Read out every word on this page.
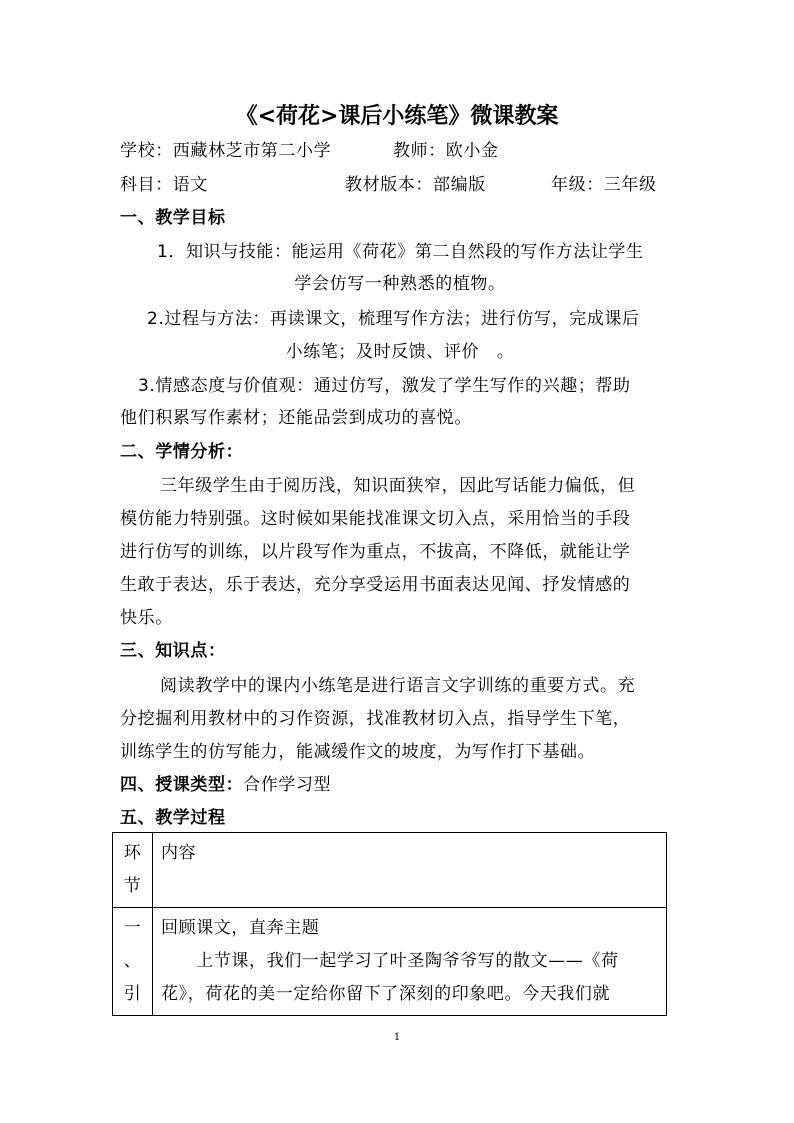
《<荷花>课后小练笔》微课教案
学校：西藏林芝市第二小学	教师：欧小金
科目：语文	教材版本：部编版	年级：三年级
一、教学目标
1．知识与技能：能运用《荷花》第二自然段的写作方法让学生
学会仿写一种熟悉的植物。
2.过程与方法：再读课文，梳理写作方法；进行仿写，完成课后
小练笔；及时反馈、评价　。
3.情感态度与价值观：通过仿写，激发了学生写作的兴趣；帮助
他们积累写作素材；还能品尝到成功的喜悦。
二、学情分析：
三年级学生由于阅历浅，知识面狭窄，因此写话能力偏低，但
模仿能力特别强。这时候如果能找准课文切入点，采用恰当的手段
进行仿写的训练，以片段写作为重点，不拔高，不降低，就能让学
生敢于表达，乐于表达，充分享受运用书面表达见闻、抒发情感的
快乐。
三、知识点：
阅读教学中的课内小练笔是进行语言文字训练的重要方式。充
分挖掘利用教材中的习作资源，找准教材切入点，指导学生下笔，
训练学生的仿写能力，能减缓作文的坡度，为写作打下基础。
四、授课类型：合作学习型
五、教学过程
环
节	内容

一
、
引	回顾课文，直奔主题
　　上节课，我们一起学习了叶圣陶爷爷写的散文——《荷
花》，荷花的美一定给你留下了深刻的印象吧。今天我们就
1
